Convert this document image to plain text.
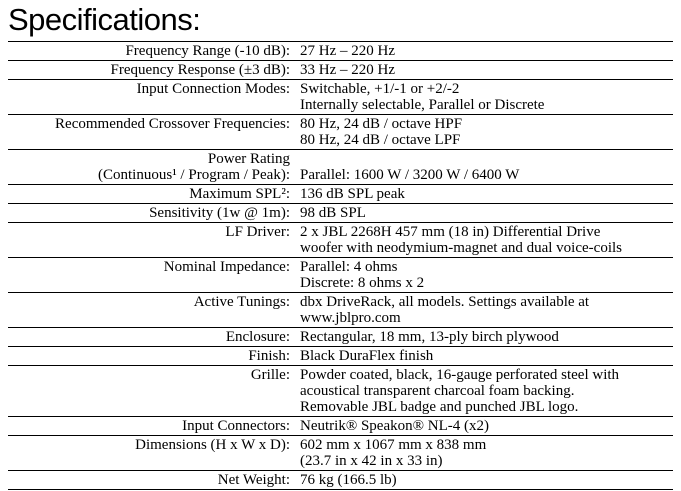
Specifications:
Frequency Range (-10 dB): 27 Hz – 220 Hz
Frequency Response (±3 dB): 33 Hz – 220 Hz
Input Connection Modes: Switchable, +1/-1 or +2/-2
Internally selectable, Parallel or Discrete
Recommended Crossover Frequencies: 80 Hz, 24 dB / octave HPF
80 Hz, 24 dB / octave LPF
Power Rating
(Continuous¹ / Program / Peak): Parallel: 1600 W / 3200 W / 6400 W
Maximum SPL²: 136 dB SPL peak
Sensitivity (1w @ 1m): 98 dB SPL
LF Driver: 2 x JBL 2268H 457 mm (18 in) Differential Drive
woofer with neodymium-magnet and dual voice-coils
Nominal Impedance: Parallel: 4 ohms
Discrete: 8 ohms x 2
Active Tunings: dbx DriveRack, all models. Settings available at
www.jblpro.com
Enclosure: Rectangular, 18 mm, 13-ply birch plywood
Finish: Black DuraFlex finish
Grille: Powder coated, black, 16-gauge perforated steel with
acoustical transparent charcoal foam backing.
Removable JBL badge and punched JBL logo.
Input Connectors: Neutrik® Speakon® NL-4 (x2)
Dimensions (H x W x D): 602 mm x 1067 mm x 838 mm
(23.7 in x 42 in x 33 in)
Net Weight: 76 kg (166.5 lb)
